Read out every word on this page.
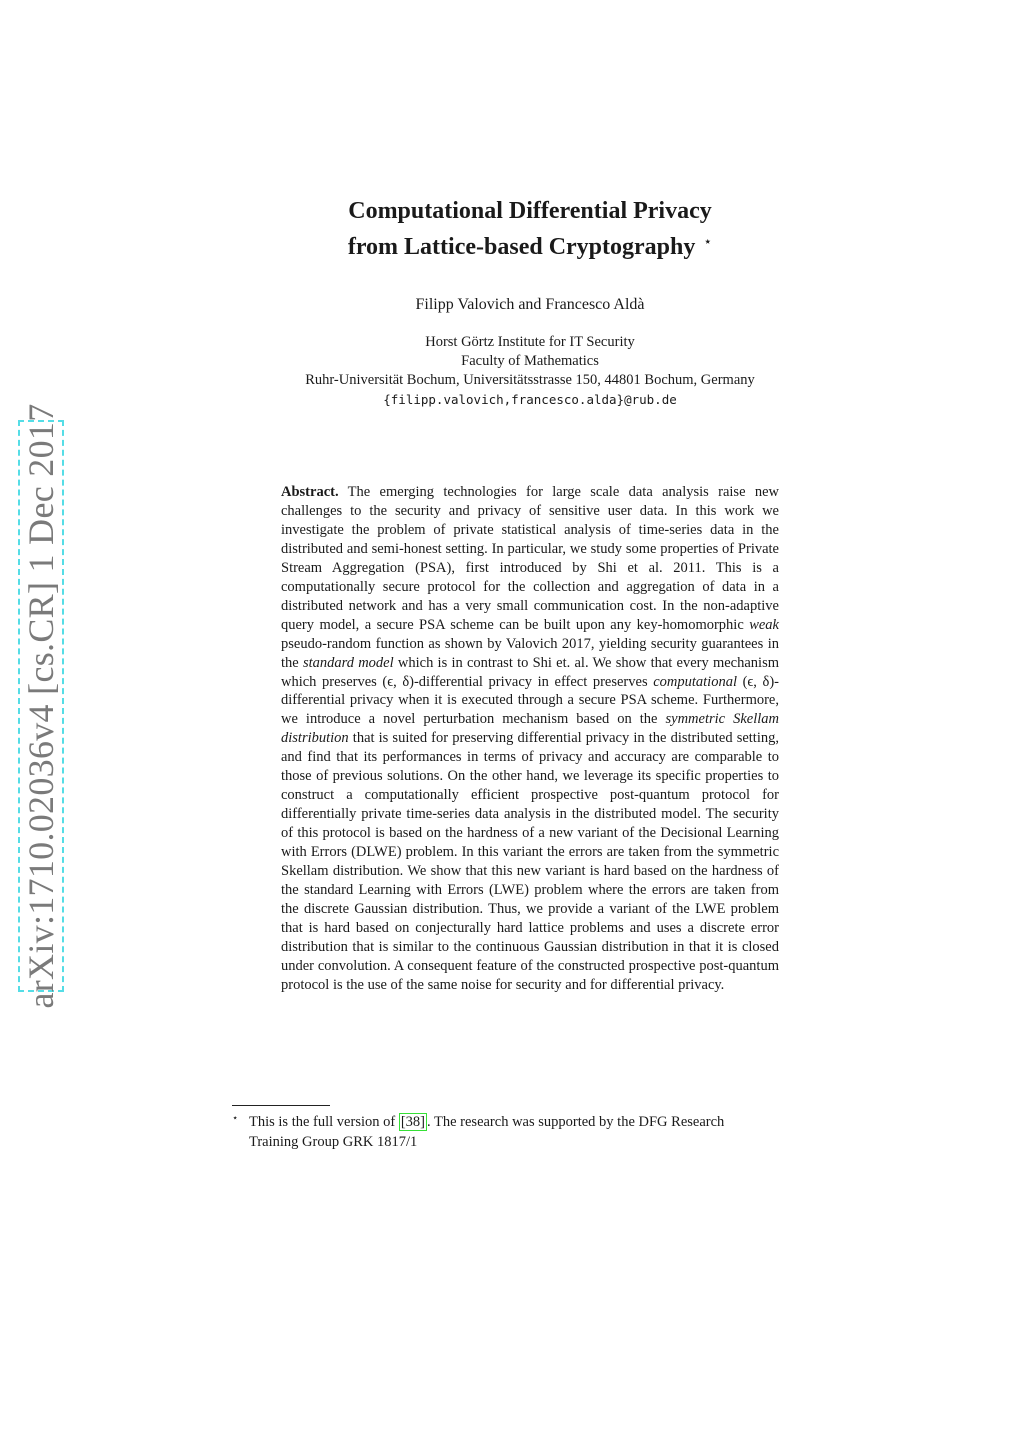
arXiv:1710.02036v4 [cs.CR] 1 Dec 2017

Computational Differential Privacy

from Lattice-based Cryptography ⋆

Filipp Valovich and Francesco Aldà

Horst Görtz Institute for IT Security

Faculty of Mathematics

Ruhr-Universität Bochum, Universitätsstrasse 150, 44801 Bochum, Germany

{filipp.valovich,francesco.alda}@rub.de

Abstract. The emerging technologies for large scale data analysis raise new challenges to the security and privacy of sensitive user data. In this work we investigate the problem of private statistical analysis of time-series data in the distributed and semi-honest setting. In particular, we study some properties of Private Stream Aggregation (PSA), first introduced by Shi et al. 2011. This is a computationally secure protocol for the collection and aggregation of data in a distributed network and has a very small communication cost. In the non-adaptive query model, a secure PSA scheme can be built upon any key-homomorphic weak pseudo-random function as shown by Valovich 2017, yielding security guarantees in the standard model which is in contrast to Shi et. al. We show that every mechanism which preserves (ϵ, δ)-differential privacy in effect preserves computational (ϵ, δ)-differential privacy when it is executed through a secure PSA scheme. Furthermore, we introduce a novel perturbation mechanism based on the symmetric Skellam distribution that is suited for preserving differential privacy in the distributed setting, and find that its performances in terms of privacy and accuracy are comparable to those of previous solutions. On the other hand, we leverage its specific properties to construct a computationally efficient prospective post-quantum protocol for differentially private time-series data analysis in the distributed model. The security of this protocol is based on the hardness of a new variant of the Decisional Learning with Errors (DLWE) problem. In this variant the errors are taken from the symmetric Skellam distribution. We show that this new variant is hard based on the hardness of the standard Learning with Errors (LWE) problem where the errors are taken from the discrete Gaussian distribution. Thus, we provide a variant of the LWE problem that is hard based on conjecturally hard lattice problems and uses a discrete error distribution that is similar to the continuous Gaussian distribution in that it is closed under convolution. A consequent feature of the constructed prospective post-quantum protocol is the use of the same noise for security and for differential privacy.

⋆ This is the full version of [38] . The research was supported by the DFG Research

Training Group GRK 1817/1
